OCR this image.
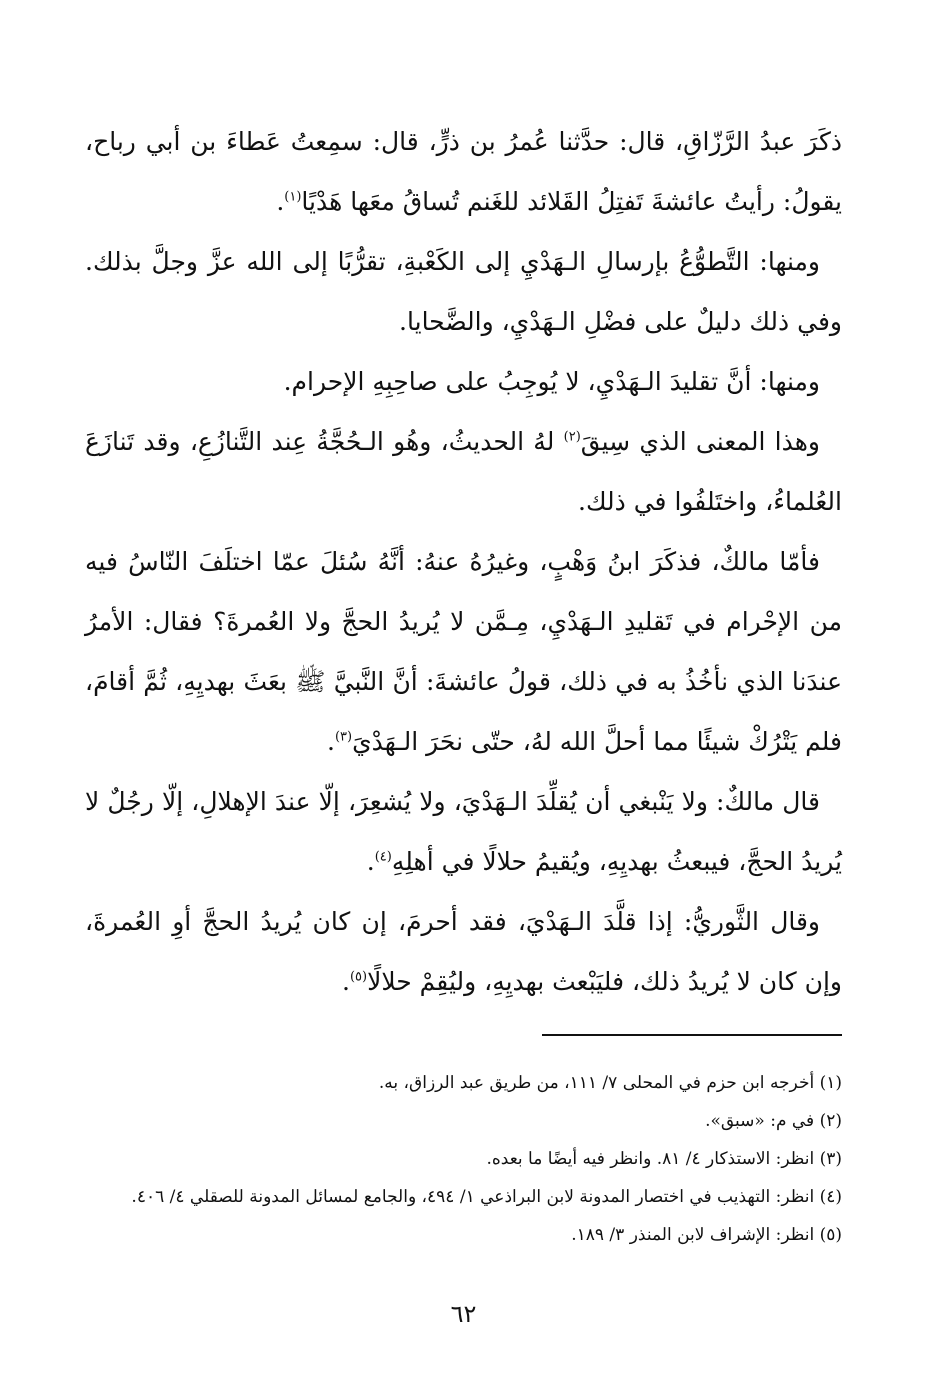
ذكَرَ عبدُ الرَّزّاقِ، قال: حدَّثنا عُمرُ بن ذرٍّ، قال: سمِعتُ عَطاءَ بن أبي رباح، يقولُ: رأيتُ عائشةَ تَفتِلُ القَلائد للغَنم تُساقُ معَها هَدْيًا$^{(١)}$.

ومنها: التَّطوُّعُ بإرسالِ الـهَدْيِ إلى الكَعْبةِ، تقرُّبًا إلى الله عزَّ وجلَّ بذلك. وفي ذلك دليلٌ على فضْلِ الـهَدْيِ، والضَّحايا.

ومنها: أنَّ تقليدَ الـهَدْيِ، لا يُوجِبُ على صاحِبِهِ الإحرام.

وهذا المعنى الذي سِيقَ$^{(٢)}$ لهُ الحديثُ، وهُو الـحُجَّةُ عِند التَّنازُعِ، وقد تَنازَعَ العُلماءُ، واختَلفُوا في ذلك.

فأمّا مالكٌ، فذكَرَ ابنُ وَهْبٍ، وغيرُهُ عنهُ: أنَّهُ سُئلَ عمّا اختلَفَ النّاسُ فيه من الإحْرام في تَقليدِ الـهَدْيِ، مِـمَّن لا يُريدُ الحجَّ ولا العُمرةَ؟ فقال: الأمرُ عندَنا الذي نأخُذُ به في ذلك، قولُ عائشةَ: أنَّ النَّبيَّ ﷺ بعَثَ بهديِهِ، ثُمَّ أقامَ، فلم يَتْرُكْ شيئًا مما أحلَّ الله لهُ، حتّى نحَرَ الـهَدْيَ$^{(٣)}$.

قال مالكٌ: ولا يَنْبغي أن يُقلِّدَ الـهَدْيَ، ولا يُشعِرَ، إلّا عندَ الإهلالِ، إلّا رجُلٌ لا يُريدُ الحجَّ، فيبعثُ بهديِهِ، ويُقيمُ حلالًا في أهلِهِ$^{(٤)}$.

وقال الثَّوريُّ: إذا قلَّدَ الـهَدْيَ، فقد أحرمَ، إن كان يُريدُ الحجَّ أوِ العُمرةَ، وإن كان لا يُريدُ ذلك، فليَبْعث بهديِهِ، وليُقِمْ حلالًا$^{(٥)}$.

(١) أخرجه ابن حزم في المحلى ٧/ ١١١، من طريق عبد الرزاق، به.

(٢) في م: «سبق».

(٣) انظر: الاستذكار ٤/ ٨١. وانظر فيه أيضًا ما بعده.

(٤) انظر: التهذيب في اختصار المدونة لابن البراذعي ١/ ٤٩٤، والجامع لمسائل المدونة للصقلي ٤/ ٤٠٦.

(٥) انظر: الإشراف لابن المنذر ٣/ ١٨٩.

٦٢
